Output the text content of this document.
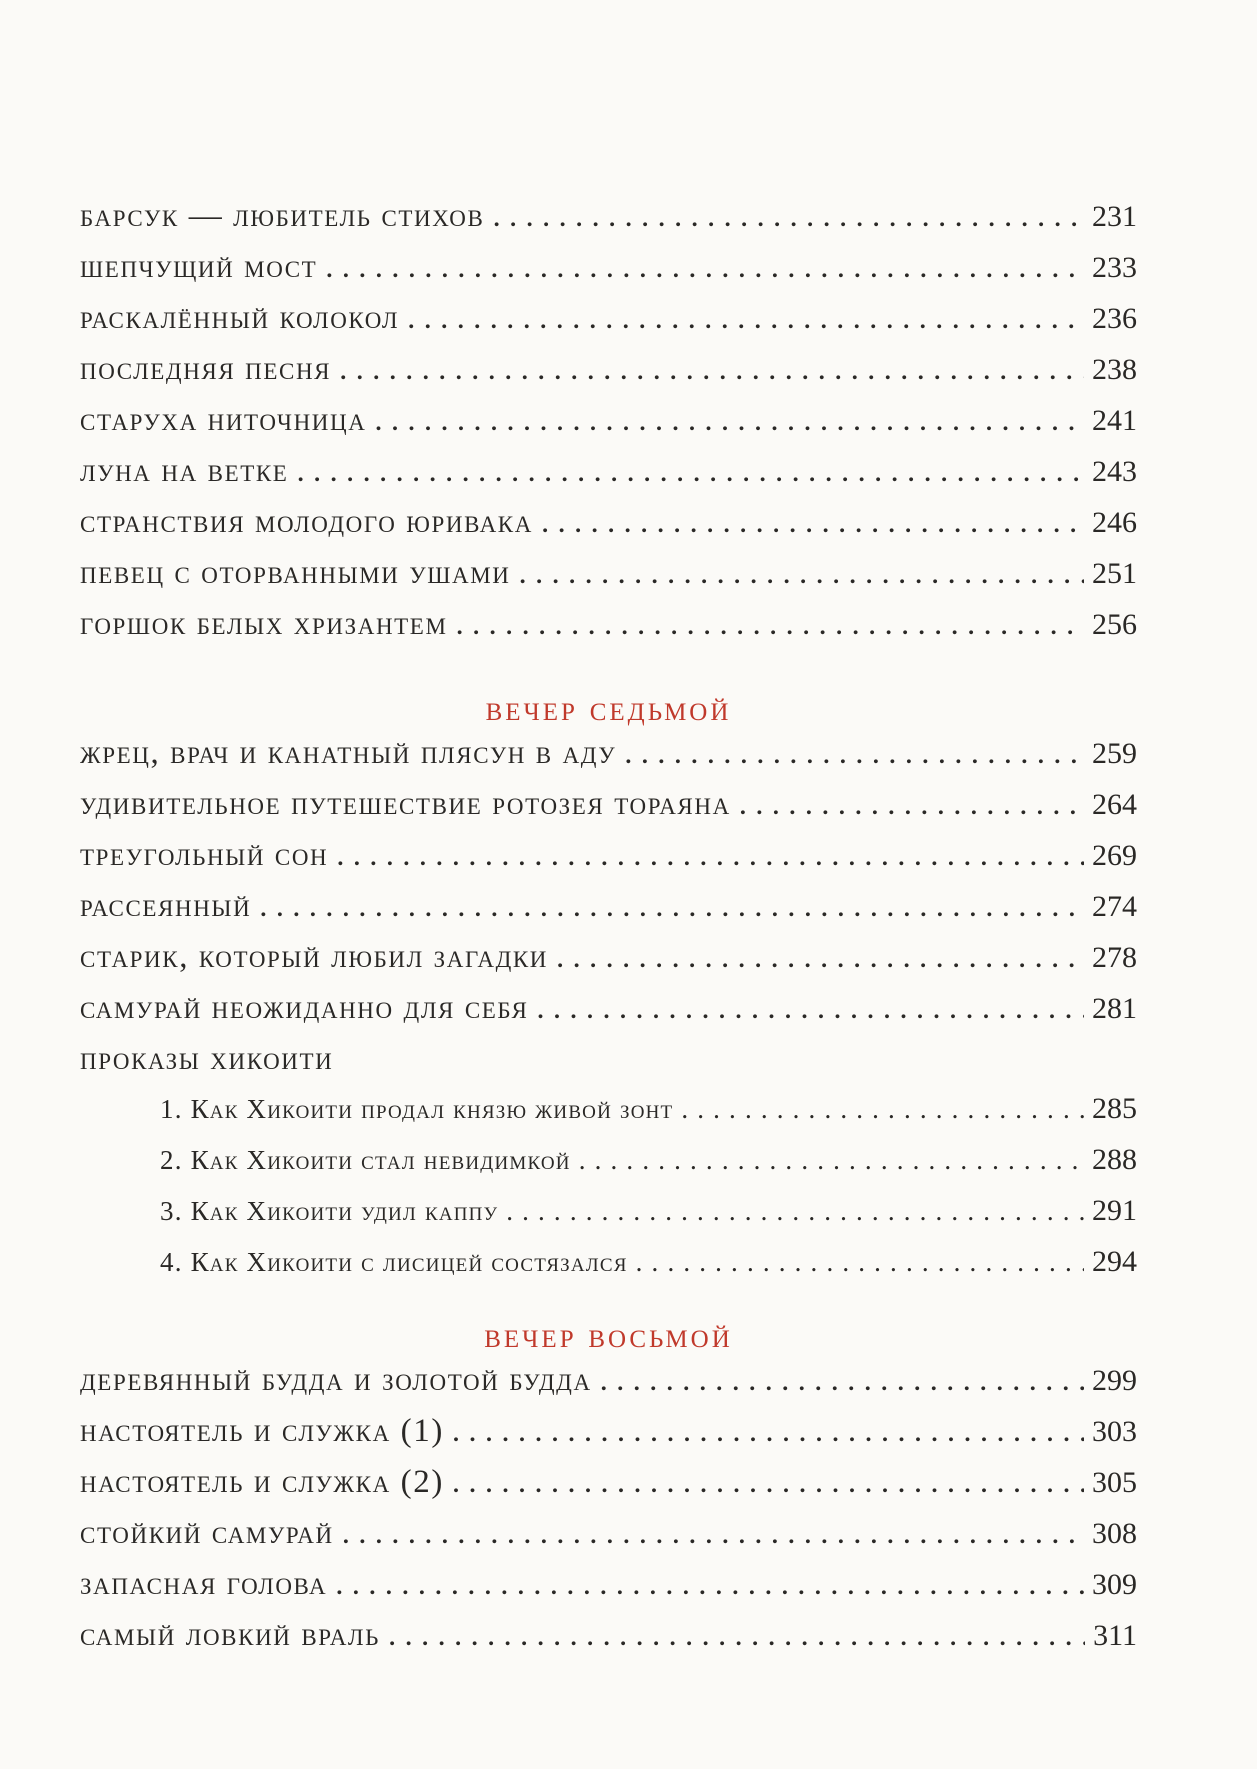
барсук — любитель стихов . . .	231
шепчущий мост . . .	233
раскалённый колокол . . .	236
последняя песня . . .	238
старуха ниточница . . .	241
луна на ветке . . .	243
странствия молодого юривака . . .	246
певец с оторванными ушами . . .	251
горшок белых хризантем . . .	256
вечер седьмой
жрец, врач и канатный плясун в аду . . .	259
удивительное путешествие ротозея тораяна . . .	264
треугольный сон . . .	269
рассеянный . . .	274
старик, который любил загадки . . .	278
самурай неожиданно для себя . . .	281
проказы хикоити
1. Как Хикоити продал князю живой зонт . . .	285
2. Как Хикоити стал невидимкой . . .	288
3. Как Хикоити удил каппу . . .	291
4. Как Хикоити с лисицей состязался . . .	294
вечер восьмой
деревянный будда и золотой будда . . .	299
настоятель и служка (1) . . .	303
настоятель и служка (2) . . .	305
стойкий самурай . . .	308
запасная голова . . .	309
самый ловкий враль . . .	311
